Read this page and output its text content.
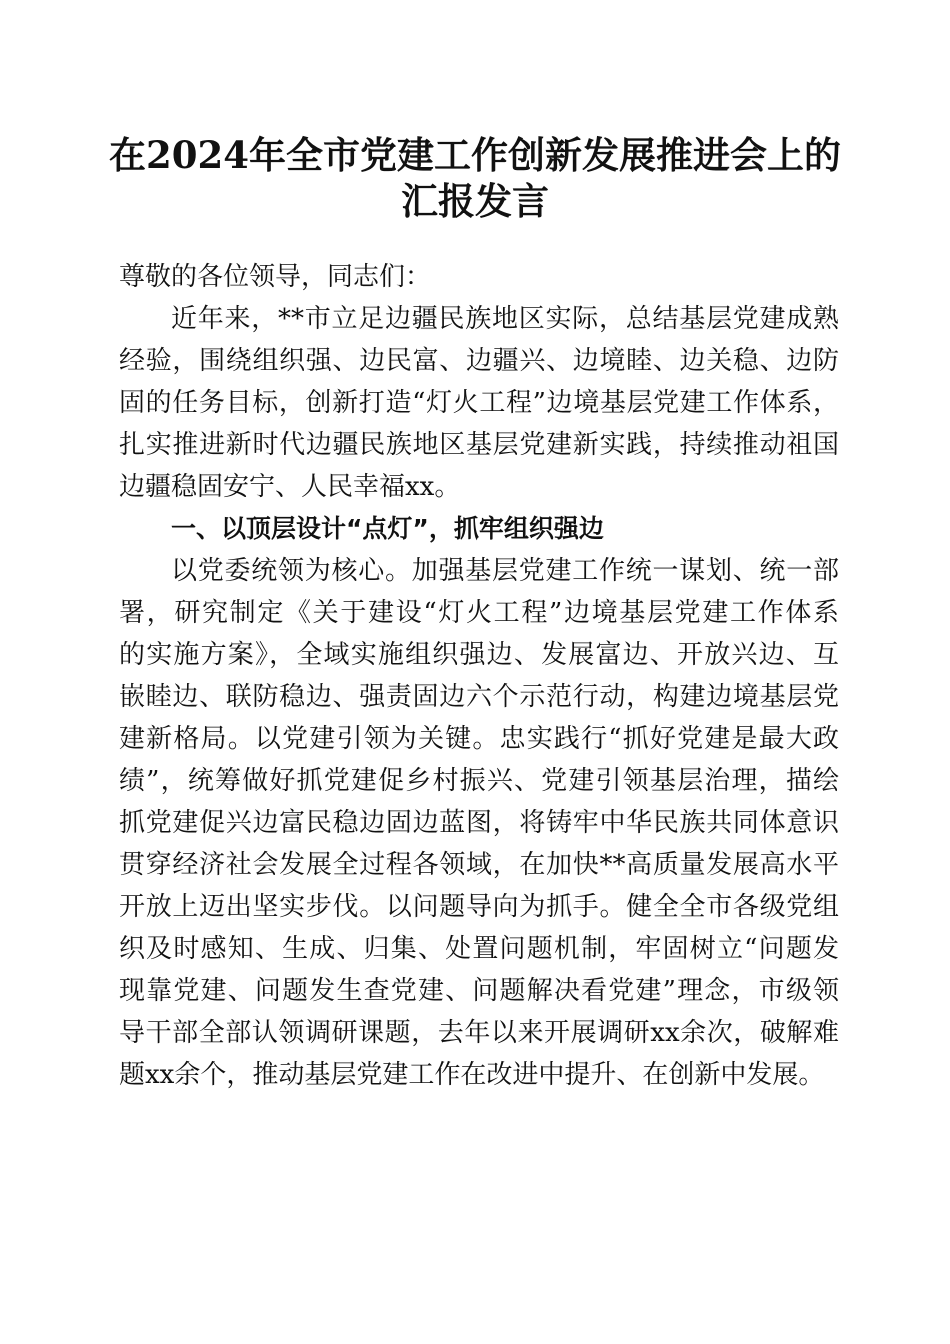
在2024年全市党建工作创新发展推进会上的
汇报发言
尊敬的各位领导，同志们：
近年来，**市立足边疆民族地区实际，总结基层党建成熟
经验，围绕组织强、边民富、边疆兴、边境睦、边关稳、边防
固的任务目标，创新打造“灯火工程”边境基层党建工作体系，
扎实推进新时代边疆民族地区基层党建新实践，持续推动祖国
边疆稳固安宁、人民幸福xx。
一、以顶层设计“点灯”，抓牢组织强边
以党委统领为核心。加强基层党建工作统一谋划、统一部
署，研究制定《关于建设“灯火工程”边境基层党建工作体系
的实施方案》，全域实施组织强边、发展富边、开放兴边、互
嵌睦边、联防稳边、强责固边六个示范行动，构建边境基层党
建新格局。以党建引领为关键。忠实践行“抓好党建是最大政
绩”，统筹做好抓党建促乡村振兴、党建引领基层治理，描绘
抓党建促兴边富民稳边固边蓝图，将铸牢中华民族共同体意识
贯穿经济社会发展全过程各领域，在加快**高质量发展高水平
开放上迈出坚实步伐。以问题导向为抓手。健全全市各级党组
织及时感知、生成、归集、处置问题机制，牢固树立“问题发
现靠党建、问题发生查党建、问题解决看党建”理念，市级领
导干部全部认领调研课题，去年以来开展调研xx余次，破解难
题xx余个，推动基层党建工作在改进中提升、在创新中发展。
